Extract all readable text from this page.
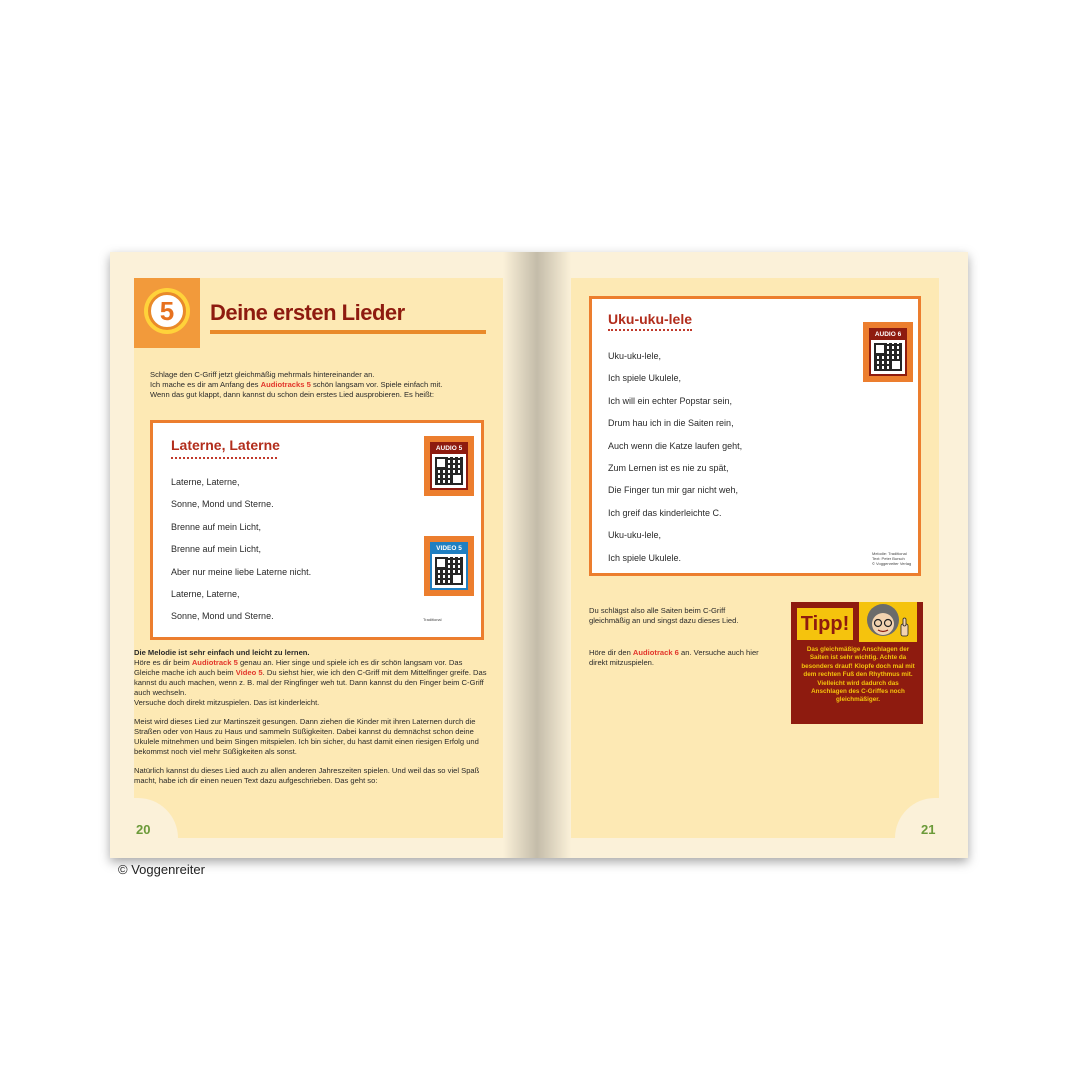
5	Deine ersten Lieder
Schlage den C-Griff jetzt gleichmäßig mehrmals hintereinander an.
Ich mache es dir am Anfang des Audiotracks 5 schön langsam vor. Spiele einfach mit.
Wenn das gut klappt, dann kannst du schon dein erstes Lied ausprobieren. Es heißt:
Laterne, Laterne
Laterne, Laterne,
Sonne, Mond und Sterne.
Brenne auf mein Licht,
Brenne auf mein Licht,
Aber nur meine liebe Laterne nicht.
Laterne, Laterne,
Sonne, Mond und Sterne.	Traditional
AUDIO 5
VIDEO 5

Die Melodie ist sehr einfach und leicht zu lernen.
Höre es dir beim Audiotrack 5 genau an. Hier singe und spiele ich es dir schön langsam vor. Das Gleiche mache ich auch beim Video 5. Du siehst hier, wie ich den C-Griff mit dem Mittelfinger greife. Das kannst du auch machen, wenn z. B. mal der Ringfinger weh tut. Dann kannst du den Finger beim C-Griff auch wechseln.
Versuche doch direkt mitzuspielen. Das ist kinderleicht.

Meist wird dieses Lied zur Martinszeit gesungen. Dann ziehen die Kinder mit ihren Laternen durch die Straßen oder von Haus zu Haus und sammeln Süßigkeiten. Dabei kannst du demnächst schon deine Ukulele mitnehmen und beim Singen mitspielen. Ich bin sicher, du hast damit einen riesigen Erfolg und bekommst noch viel mehr Süßigkeiten als sonst.

Natürlich kannst du dieses Lied auch zu allen anderen Jahreszeiten spielen. Und weil das so viel Spaß macht, habe ich dir einen neuen Text dazu aufgeschrieben. Das geht so:

20
Uku-uku-lele
Uku-uku-lele,
Ich spiele Ukulele,
Ich will ein echter Popstar sein,
Drum hau ich in die Saiten rein,
Auch wenn die Katze laufen geht,
Zum Lernen ist es nie zu spät,
Die Finger tun mir gar nicht weh,
Ich greif das kinderleichte C.
Uku-uku-lele,
Ich spiele Ukulele.	Melodie: Traditional
Text: Peter Bursch
© Voggenreiter Verlag
AUDIO 6

Du schlägst also alle Saiten beim C-Griff gleichmäßig an und singst dazu dieses Lied.

Höre dir den Audiotrack 6 an. Versuche auch hier direkt mitzuspielen.

Tipp!
Das gleichmäßige Anschlagen der Saiten ist sehr wichtig. Achte da besonders drauf! Klopfe doch mal mit dem rechten Fuß den Rhythmus mit. Vielleicht wird dadurch das Anschlagen des C-Griffes noch gleichmäßiger.
21
© Voggenreiter
